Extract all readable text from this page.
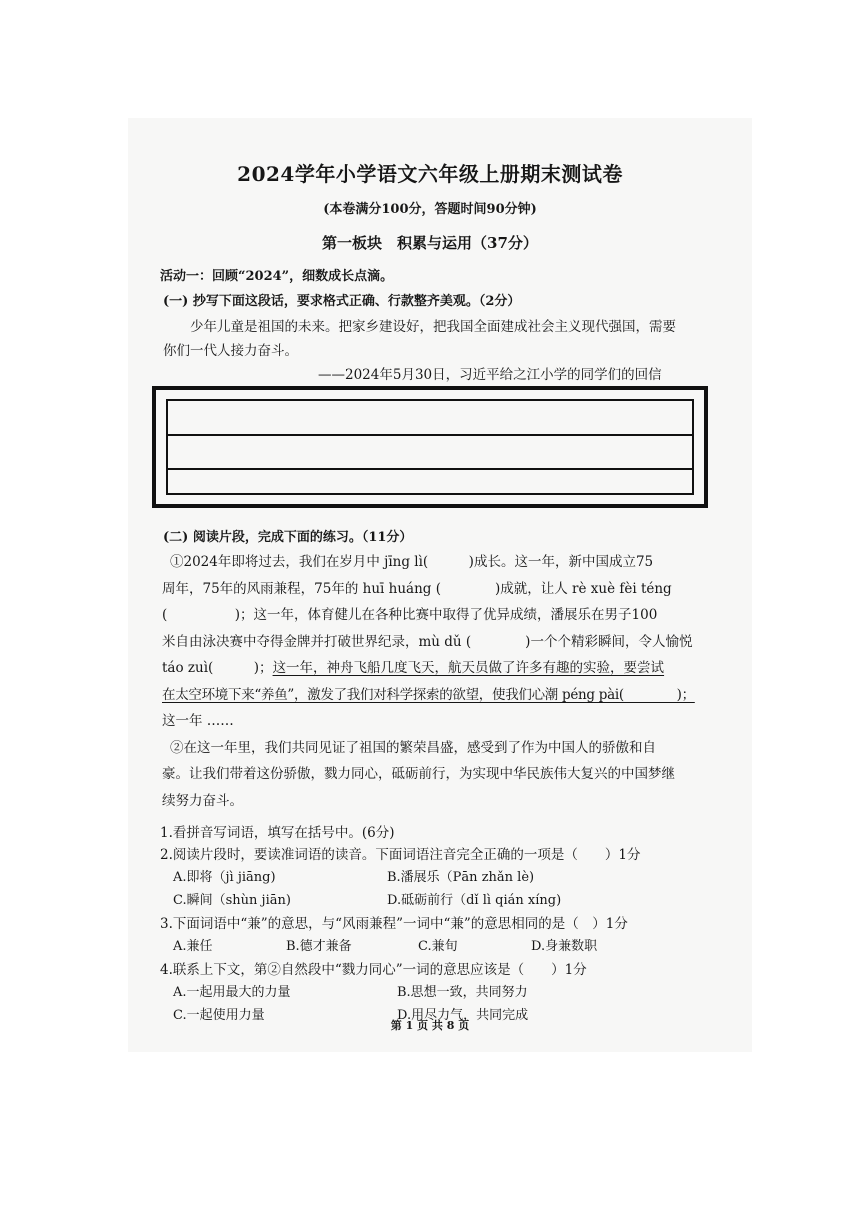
2024学年小学语文六年级上册期末测试卷
(本卷满分100分，答题时间90分钟)
第一板块　积累与运用（37分）
活动一：回顾“2024”，细数成长点滴。
(一) 抄写下面这段话，要求格式正确、行款整齐美观。（2分）
少年儿童是祖国的未来。把家乡建设好，把我国全面建成社会主义现代强国，需要
你们一代人接力奋斗。
——2024年5月30日，习近平给之江小学的同学们的回信
(二) 阅读片段，完成下面的练习。（11分）

①2024年即将过去，我们在岁月中 jīng lì(　　　)成长。这一年，新中国成立75

周年，75年的风雨兼程，75年的 huī huáng (　　　　)成就，让人 rè xuè fèi téng

(　　　　　)；这一年，体育健儿在各种比赛中取得了优异成绩，潘展乐在男子100

米自由泳决赛中夺得金牌并打破世界纪录，mù dǔ (　　　　)一个个精彩瞬间，令人愉悦

táo zuì(　　　)；这一年，神舟飞船几度飞天，航天员做了许多有趣的实验，要尝试

在太空环境下来“养鱼”，激发了我们对科学探索的欲望，使我们心潮 péng pài(　　　　)；

这一年 ……

②在这一年里，我们共同见证了祖国的繁荣昌盛，感受到了作为中国人的骄傲和自

豪。让我们带着这份骄傲，戮力同心，砥砺前行，为实现中华民族伟大复兴的中国梦继

续努力奋斗。

1.看拼音写词语，填写在括号中。(6分)
2.阅读片段时，要读准词语的读音。下面词语注音完全正确的一项是（　　）1分
A.即将（jì jiāng)	B.潘展乐（Pān zhǎn lè)
C.瞬间（shùn jiān)	D.砥砺前行（dǐ lì qián xíng)
3.下面词语中“兼”的意思，与“风雨兼程”一词中“兼”的意思相同的是（　）1分
A.兼任	B.德才兼备	C.兼旬	D.身兼数职
4.联系上下文，第②自然段中“戮力同心”一词的意思应该是（　　）1分
A.一起用最大的力量	B.思想一致，共同努力
C.一起使用力量	D.用尽力气，共同完成
第 1 页 共 8 页
